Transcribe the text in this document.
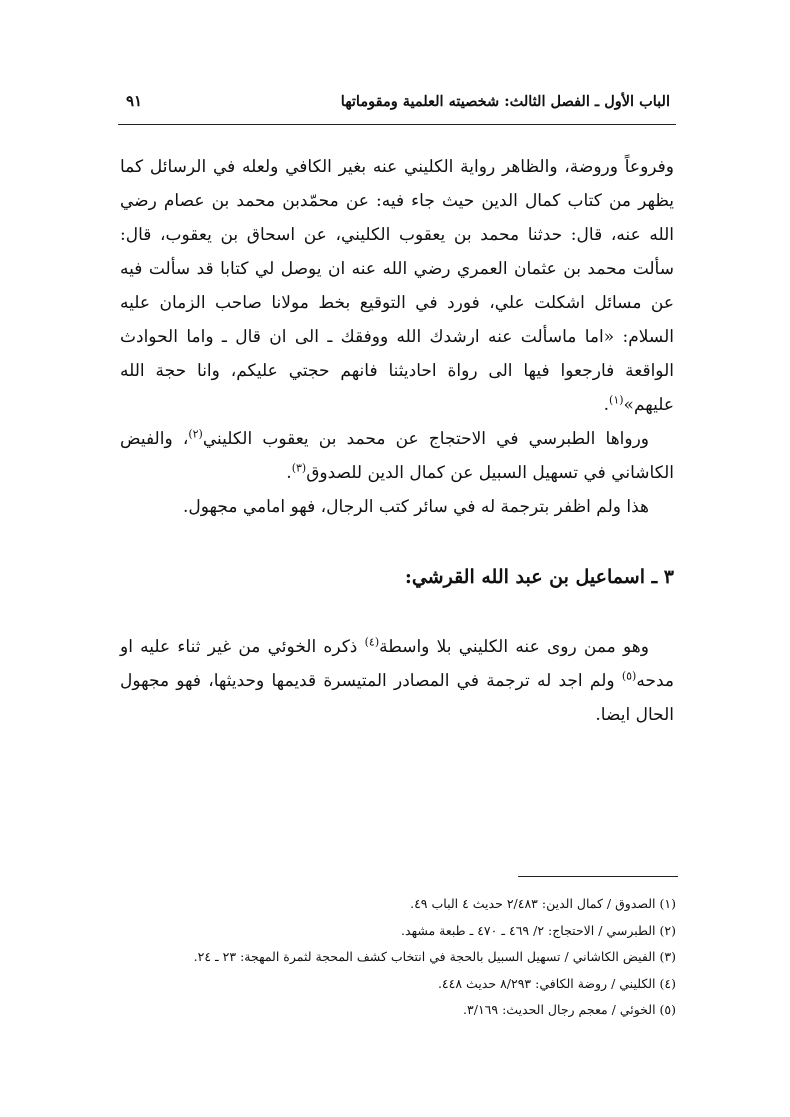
الباب الأول ـ الفصل الثالث: شخصيته العلمية ومقوماتها
٩١

وفروعاً وروضة، والظاهر رواية الكليني عنه بغير الكافي ولعله في الرسائل كما يظهر من كتاب كمال الدين حيث جاء فيه: عن محمّدبن محمد بن عصام رضي الله عنه، قال: حدثنا محمد بن يعقوب الكليني، عن اسحاق بن يعقوب، قال: سألت محمد بن عثمان العمري رضي الله عنه ان يوصل لي كتابا قد سألت فيه عن مسائل اشكلت علي، فورد في التوقيع بخط مولانا صاحب الزمان عليه السلام: «اما ماسألت عنه ارشدك الله ووفقك ـ الى ان قال ـ واما الحوادث الواقعة فارجعوا فيها الى رواة احاديثنا فانهم حجتي عليكم، وانا حجة الله عليهم»$^{(١)}$.

ورواها الطبرسي في الاحتجاج عن محمد بن يعقوب الكليني$^{(٢)}$، والفيض الكاشاني في تسهيل السبيل عن كمال الدين للصدوق$^{(٣)}$.

هذا ولم اظفر بترجمة له في سائر كتب الرجال، فهو امامي مجهول.

٣ ـ اسماعيل بن عبد الله القرشي:

وهو ممن روى عنه الكليني بلا واسطة$^{(٤)}$ ذكره الخوئي من غير ثناء عليه او مدحه$^{(٥)}$ ولم اجد له ترجمة في المصادر المتيسرة قديمها وحديثها، فهو مجهول الحال ايضا.

(١) الصدوق / كمال الدين: ٢/٤٨٣ حديث ٤ الباب ٤٩.
(٢) الطبرسي / الاحتجاج: ٢/ ٤٦٩ ـ ٤٧٠ ـ طبعة مشهد.
(٣) الفيض الكاشاني / تسهيل السبيل بالحجة في انتخاب كشف المحجة لثمرة المهجة: ٢٣ ـ ٢٤.
(٤) الكليني / روضة الكافي: ٨/٢٩٣ حديث ٤٤٨.
(٥) الخوئي / معجم رجال الحديث: ٣/١٦٩.
